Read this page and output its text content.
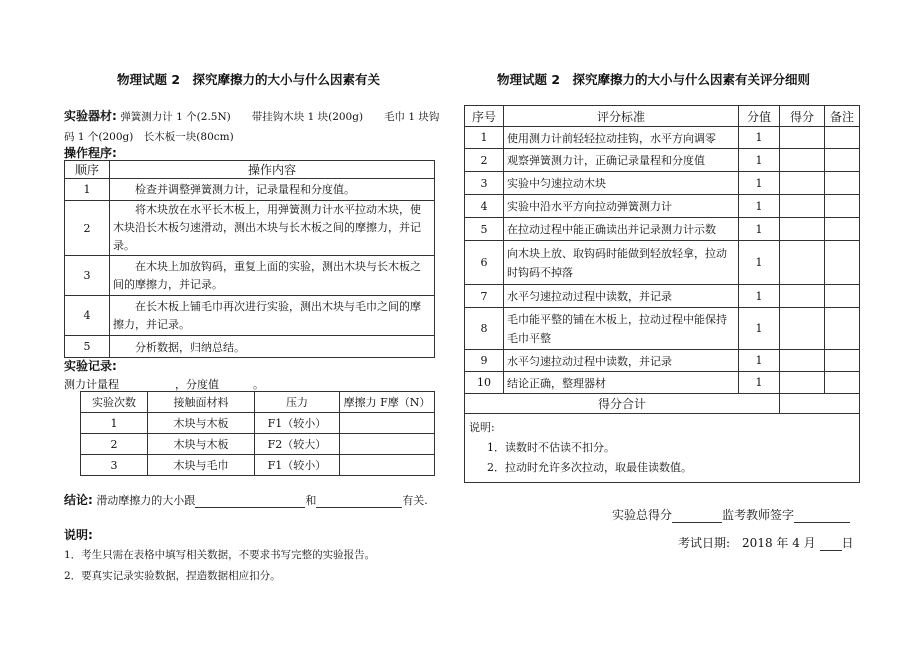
物理试题 2　探究摩擦力的大小与什么因素有关
实验器材: 弹簧测力计 1 个(2.5N)　　带挂钩木块 1 块(200g)　　毛巾 1 块钩
码 1 个(200g)　长木板一块(80cm)
操作程序:
顺序	操作内容
1	　　检查并调整弹簧测力计，记录量程和分度值。
2	　　将木块放在水平长木板上，用弹簧测力计水平拉动木块，使木块沿长木板匀速滑动，测出木块与长木板之间的摩擦力，并记录。
3	　　在木块上加放钩码，重复上面的实验，测出木块与长木板之间的摩擦力，并记录。
4	　　在长木板上铺毛巾再次进行实验，测出木块与毛巾之间的摩擦力，并记录。
5	　　分析数据，归纳总结。
实验记录:
测力计量程	，分度值	。
实验次数	接触面材料	压力	摩擦力 F摩（N）
1	木块与木板	F1（较小）	
2	木块与木板	F2（较大）	
3	木块与毛巾	F1（较小）	
结论: 滑动摩擦力的大小跟	和	有关.
说明:
1．考生只需在表格中填写相关数据，不要求书写完整的实验报告。
2．要真实记录实验数据，捏造数据相应扣分。
物理试题 2　探究摩擦力的大小与什么因素有关评分细则
序号	评分标准	分值	得分	备注
1	使用测力计前轻轻拉动挂钩，水平方向调零	1		
2	观察弹簧测力计，正确记录量程和分度值	1		
3	实验中匀速拉动木块	1		
4	实验中沿水平方向拉动弹簧测力计	1		
5	在拉动过程中能正确读出并记录测力计示数	1		
6	向木块上放、取钩码时能做到轻放轻拿，拉动时钩码不掉落	1		
7	水平匀速拉动过程中读数，并记录	1		
8	毛巾能平整的铺在木板上，拉动过程中能保持毛巾平整	1		
9	水平匀速拉动过程中读数，并记录	1		
10	结论正确，整理器材	1		
得分合计				

说明:
1．读数时不估读不扣分。
2．拉动时允许多次拉动，取最佳读数值。				
实验总得分	监考教师签字
考试日期:　2018 年 4 月 日
